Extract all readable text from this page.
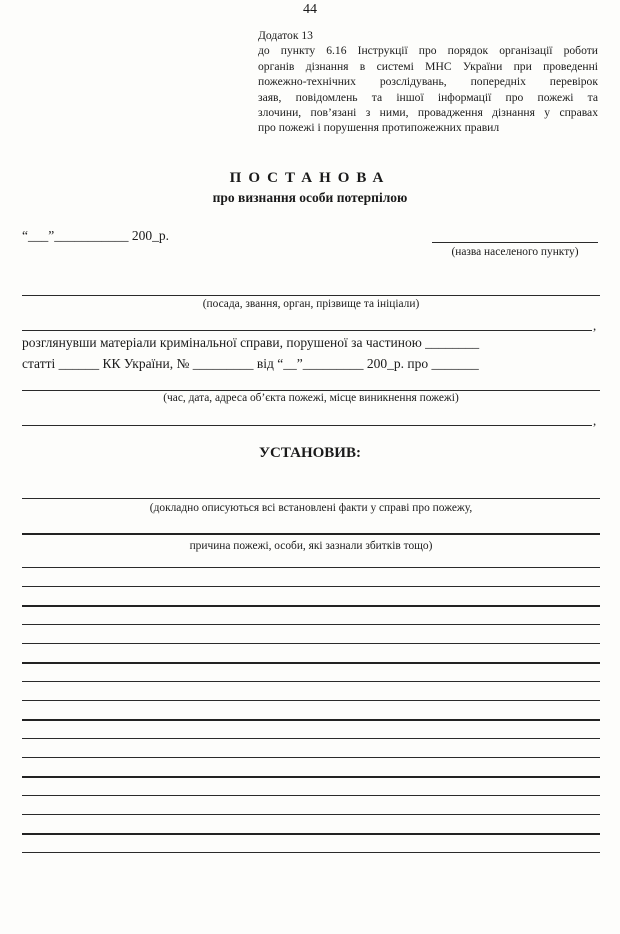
44
Додаток 13
до пункту 6.16 Інструкції про порядок організації роботи
органів дізнання в системі МНС України при проведенні
пожежно-технічних розслідувань, попередніх перевірок
заяв, повідомлень та іншої інформації про пожежі та
злочини, пов’язані з ними, провадження дізнання у справах
про пожежі і порушення протипожежних правил
ПОСТАНОВА
про визнання особи потерпілою
“___”___________ 200_р.
(назва населеного пункту)
(посада, звання, орган, прізвище та ініціали)
,
розглянувши матеріали кримінальної справи, порушеної за частиною ________
статті ______ КК України, № _________ від “__”_________ 200_р. про _______
(час, дата, адреса об’єкта пожежі, місце виникнення пожежі)
,
УСТАНОВИВ:
(докладно описуються всі встановлені факти у справі про пожежу,
причина пожежі, особи, які зазнали збитків тощо)
